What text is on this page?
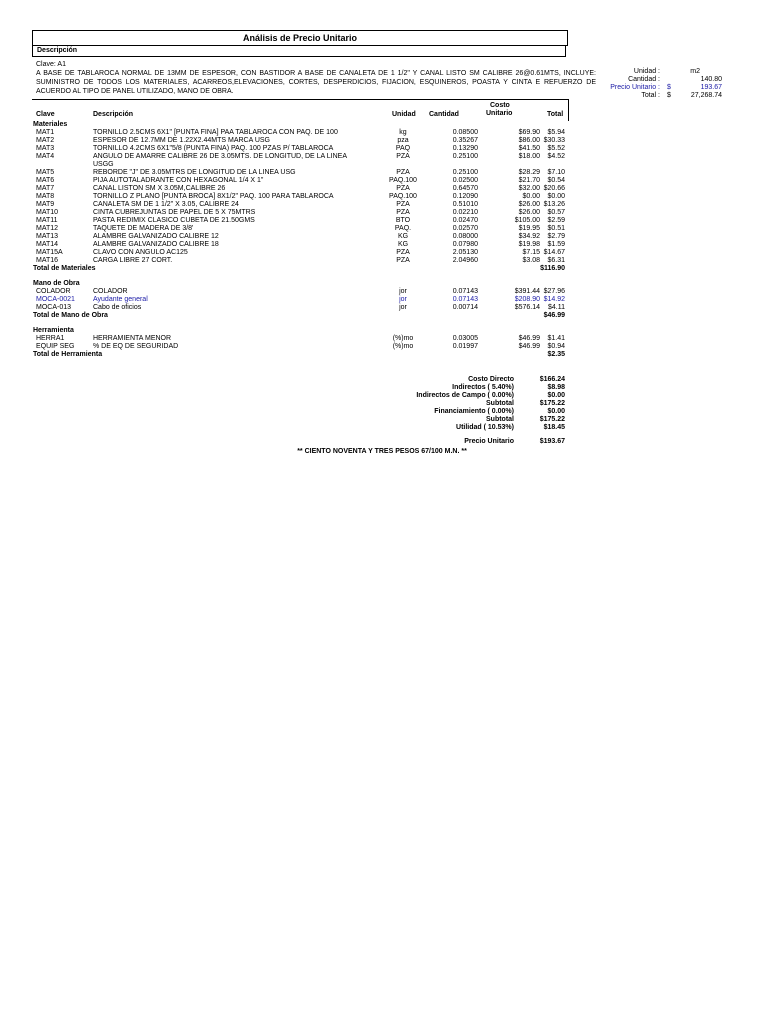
Análisis de Precio Unitario
Descripción
Clave: A1
A BASE DE TABLAROCA NORMAL DE 13MM DE ESPESOR, CON BASTIDOR A BASE DE CANALETA DE 1 1/2" Y CANAL LISTO SM CALIBRE 26@0.61MTS, INCLUYE: SUMINISTRO DE TODOS LOS MATERIALES, ACARREOS,ELEVACIONES, CORTES, DESPERDICIOS, FIJACION, ESQUINEROS, POASTA Y CINTA E REFUERZO DE ACUERDO AL TIPO DE PANEL UTILIZADO, MANO DE OBRA.
Unidad :	m2
Cantidad :	140.80
Precio Unitario : $	193.67
Total : $	27,268.74
Clave	Descripción	Unidad Cantidad
Costo
Unitario	Total
Materiales
MAT1	TORNILLO 2.5CMS 6X1" [PUNTA FINA] PAA TABLAROCA CON PAQ. DE 100	kg	0.08500	$69.90	$5.94
MAT2	ESPESOR DE 12.7MM DE 1.22X2.44MTS MARCA USG	pza	0.35267	$86.00 $30.33
MAT3	TORNILLO 4.2CMS 6X1"5/8 (PUNTA FINA) PAQ. 100 PZAS P/ TABLAROCA	PAQ	0.13290	$41.50	$5.52
MAT4	ANGULO DE AMARRE CALIBRE 26 DE 3.05MTS. DE LONGITUD, DE LA LINEA	PZA	0.25100	$18.00	$4.52
USGG
MAT5	REBORDE "J" DE 3.05MTRS DE LONGITUD DE LA LINEA USG	PZA	0.25100	$28.29	$7.10
MAT6	PIJA AUTOTALADRANTE CON HEXAGONAL 1/4 X 1"	PAQ.100	0.02500	$21.70	$0.54
MAT7	CANAL LISTON SM X 3.05M,CALIBRE 26	PZA	0.64570	$32.00 $20.66
MAT8	TORNILLO Z PLANO [PUNTA BROCA] 8X1/2" PAQ. 100 PARA TABLAROCA	PAQ.100	0.12090	$0.00	$0.00
MAT9	CANALETA SM DE 1 1/2" X 3.05, CALIBRE 24	PZA	0.51010	$26.00 $13.26
MAT10	CINTA CUBREJUNTAS DE PAPEL DE 5 X 75MTRS	PZA	0.02210	$26.00	$0.57
MAT11	PASTA REDIMIX CLASICO CUBETA DE 21.50GMS	BTO	0.02470	$105.00	$2.59
MAT12	TAQUETE DE MADERA DE 3/8'	PAQ.	0.02570	$19.95	$0.51
MAT13	ALAMBRE GALVANIZADO CALIBRE 12	KG	0.08000	$34.92	$2.79
MAT14	ALAMBRE GALVANIZADO CALIBRE 18	KG	0.07980	$19.98	$1.59
MAT15A	CLAVO CON ANGULO AC125	PZA	2.05130	$7.15 $14.67
MAT16	CARGA LIBRE 27 CORT.	PZA	2.04960	$3.08	$6.31
Total de Materiales	$116.90
Mano de Obra
COLADOR	COLADOR	jor	0.07143	$391.44 $27.96
MOCA-0021	Ayudante general	jor	0.07143	$208.90 $14.92
MOCA-013	Cabo de oficios	jor	0.00714	$576.14	$4.11
Total de Mano de Obra	$46.99
Herramienta
HERRA1	HERRAMIENTA MENOR	(%)mo	0.03005	$46.99	$1.41
EQUIP SEG	% DE EQ DE SEGURIDAD	(%)mo	0.01997	$46.99	$0.94
Total de Herramienta	$2.35
Costo Directo	$166.24
Indirectos ( 5.40%)	$8.98
Indirectos de Campo ( 0.00%)	$0.00
Subtotal	$175.22
Financiamiento ( 0.00%)	$0.00
Subtotal	$175.22
Utilidad ( 10.53%)	$18.45
Precio Unitario	$193.67
** CIENTO NOVENTA Y TRES PESOS 67/100 M.N. **
